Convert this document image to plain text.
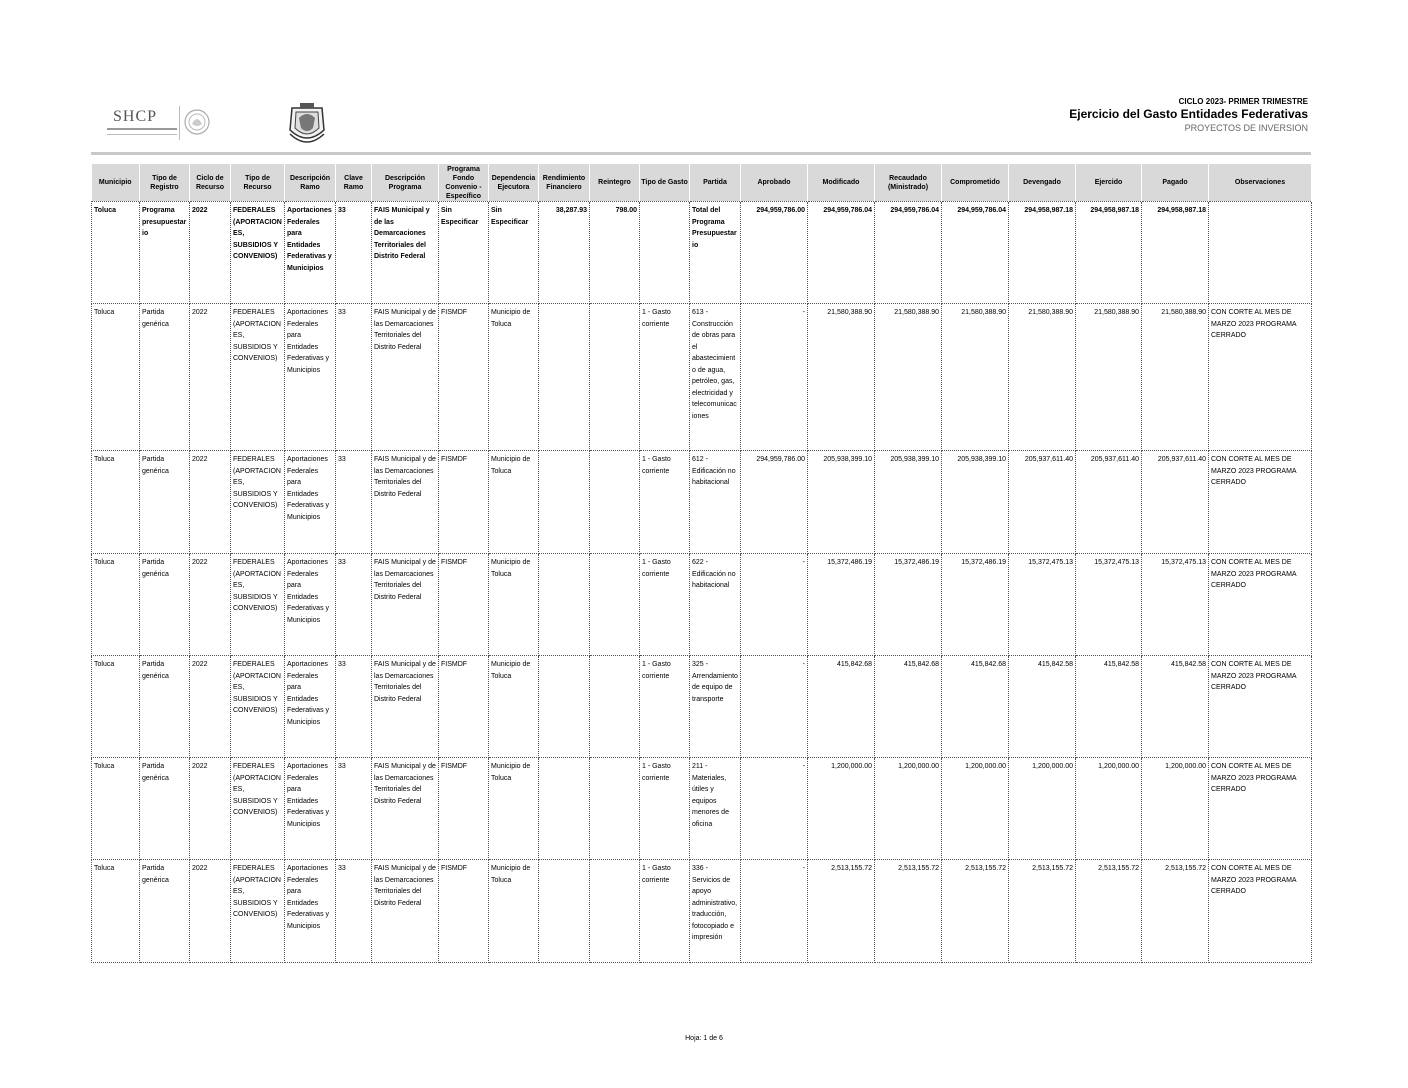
SHCP
CICLO 2023- PRIMER TRIMESTRE
Ejercicio del Gasto Entidades Federativas
PROYECTOS DE INVERSION
Municipio	Tipo de Registro	Ciclo de Recurso	Tipo de Recurso	Descripción Ramo	Clave Ramo	Descripción Programa	Programa Fondo Convenio - Específico	Dependencia Ejecutora	Rendimiento Financiero	Reintegro	Tipo de Gasto	Partida	Aprobado	Modificado	Recaudado (Ministrado)	Comprometido	Devengado	Ejercido	Pagado	Observaciones
Toluca	Programa presupuestario	2022	FEDERALES (APORTACIONES, SUBSIDIOS Y CONVENIOS)	Aportaciones Federales para Entidades Federativas y Municipios	33	FAIS Municipal y de las Demarcaciones Territoriales del Distrito Federal	Sin Especificar	Sin Especificar	38,287.93	798.00		Total del Programa Presupuestario	294,959,786.00	294,959,786.04	294,959,786.04	294,959,786.04	294,958,987.18	294,958,987.18	294,958,987.18	
Toluca	Partida genérica	2022	FEDERALES (APORTACIONES, SUBSIDIOS Y CONVENIOS)	Aportaciones Federales para Entidades Federativas y Municipios	33	FAIS Municipal y de las Demarcaciones Territoriales del Distrito Federal	FISMDF	Municipio de Toluca			1 - Gasto corriente	613 - Construcción de obras para el abastecimiento de agua, petróleo, gas, electricidad y telecomunicaciones	-	21,580,388.90	21,580,388.90	21,580,388.90	21,580,388.90	21,580,388.90	21,580,388.90	CON CORTE AL MES DE MARZO 2023 PROGRAMA CERRADO
Toluca	Partida genérica	2022	FEDERALES (APORTACIONES, SUBSIDIOS Y CONVENIOS)	Aportaciones Federales para Entidades Federativas y Municipios	33	FAIS Municipal y de las Demarcaciones Territoriales del Distrito Federal	FISMDF	Municipio de Toluca			1 - Gasto corriente	612 - Edificación no habitacional	294,959,786.00	205,938,399.10	205,938,399.10	205,938,399.10	205,937,611.40	205,937,611.40	205,937,611.40	CON CORTE AL MES DE MARZO 2023 PROGRAMA CERRADO
Toluca	Partida genérica	2022	FEDERALES (APORTACIONES, SUBSIDIOS Y CONVENIOS)	Aportaciones Federales para Entidades Federativas y Municipios	33	FAIS Municipal y de las Demarcaciones Territoriales del Distrito Federal	FISMDF	Municipio de Toluca			1 - Gasto corriente	622 - Edificación no habitacional	-	15,372,486.19	15,372,486.19	15,372,486.19	15,372,475.13	15,372,475.13	15,372,475.13	CON CORTE AL MES DE MARZO 2023 PROGRAMA CERRADO
Toluca	Partida genérica	2022	FEDERALES (APORTACIONES, SUBSIDIOS Y CONVENIOS)	Aportaciones Federales para Entidades Federativas y Municipios	33	FAIS Municipal y de las Demarcaciones Territoriales del Distrito Federal	FISMDF	Municipio de Toluca			1 - Gasto corriente	325 - Arrendamiento de equipo de transporte	-	415,842.68	415,842.68	415,842.68	415,842.58	415,842.58	415,842.58	CON CORTE AL MES DE MARZO 2023 PROGRAMA CERRADO
Toluca	Partida genérica	2022	FEDERALES (APORTACIONES, SUBSIDIOS Y CONVENIOS)	Aportaciones Federales para Entidades Federativas y Municipios	33	FAIS Municipal y de las Demarcaciones Territoriales del Distrito Federal	FISMDF	Municipio de Toluca			1 - Gasto corriente	211 - Materiales, útiles y equipos menores de oficina	-	1,200,000.00	1,200,000.00	1,200,000.00	1,200,000.00	1,200,000.00	1,200,000.00	CON CORTE AL MES DE MARZO 2023 PROGRAMA CERRADO
Toluca	Partida genérica	2022	FEDERALES (APORTACIONES, SUBSIDIOS Y CONVENIOS)	Aportaciones Federales para Entidades Federativas y Municipios	33	FAIS Municipal y de las Demarcaciones Territoriales del Distrito Federal	FISMDF	Municipio de Toluca			1 - Gasto corriente	336 - Servicios de apoyo administrativo, traducción, fotocopiado e impresión	-	2,513,155.72	2,513,155.72	2,513,155.72	2,513,155.72	2,513,155.72	2,513,155.72	CON CORTE AL MES DE MARZO 2023 PROGRAMA CERRADO
Hoja: 1 de 6
